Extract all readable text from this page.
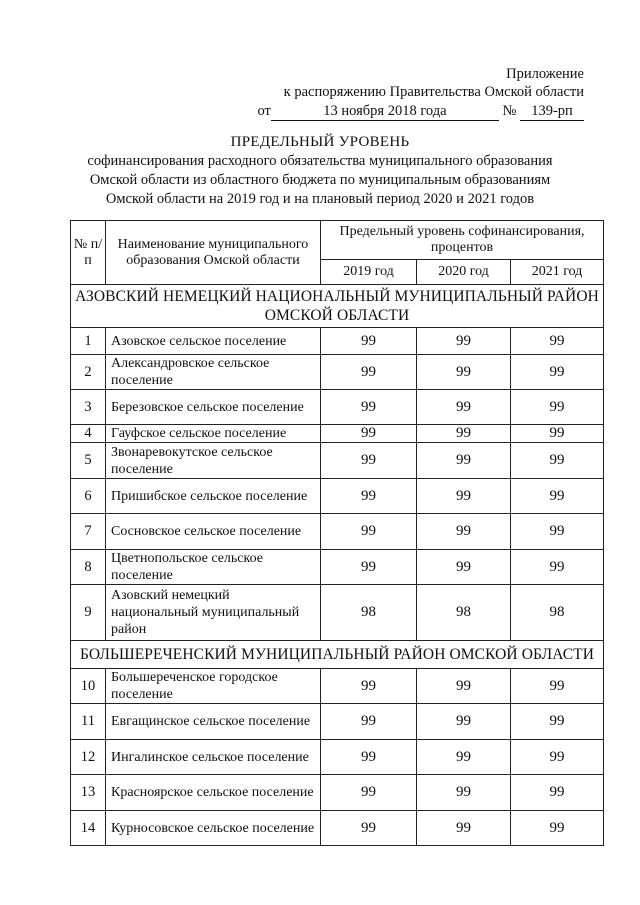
Приложение
к распоряжению Правительства Омской области
от	13 ноября 2018 года	№ 139-рп
ПРЕДЕЛЬНЫЙ УРОВЕНЬ
софинансирования расходного обязательства муниципального образования
Омской области из областного бюджета по муниципальным образованиям
Омской области на 2019 год и на плановый период 2020 и 2021 годов
№ п/п	Наименование муниципального образования Омской области	Предельный уровень софинансирования, процентов		
		2019 год	2020 год	2021 год
АЗОВСКИЙ НЕМЕЦКИЙ НАЦИОНАЛЬНЫЙ МУНИЦИПАЛЬНЫЙ РАЙОН ОМСКОЙ ОБЛАСТИ				
1	Азовское сельское поселение	99	99	99
2	Александровское сельское поселение	99	99	99
3	Березовское сельское поселение	99	99	99
4	Гауфское сельское поселение	99	99	99
5	Звонаревокутское сельское поселение	99	99	99
6	Пришибское сельское поселение	99	99	99
7	Сосновское сельское поселение	99	99	99
8	Цветнопольское сельское поселение	99	99	99
9	Азовский немецкий национальный муниципальный район	98	98	98
БОЛЬШЕРЕЧЕНСКИЙ МУНИЦИПАЛЬНЫЙ РАЙОН ОМСКОЙ ОБЛАСТИ				
10	Большереченское городское поселение	99	99	99
11	Евгащинское сельское поселение	99	99	99
12	Ингалинское сельское поселение	99	99	99
13	Красноярское сельское поселение	99	99	99
14	Курносовское сельское поселение	99	99	99
